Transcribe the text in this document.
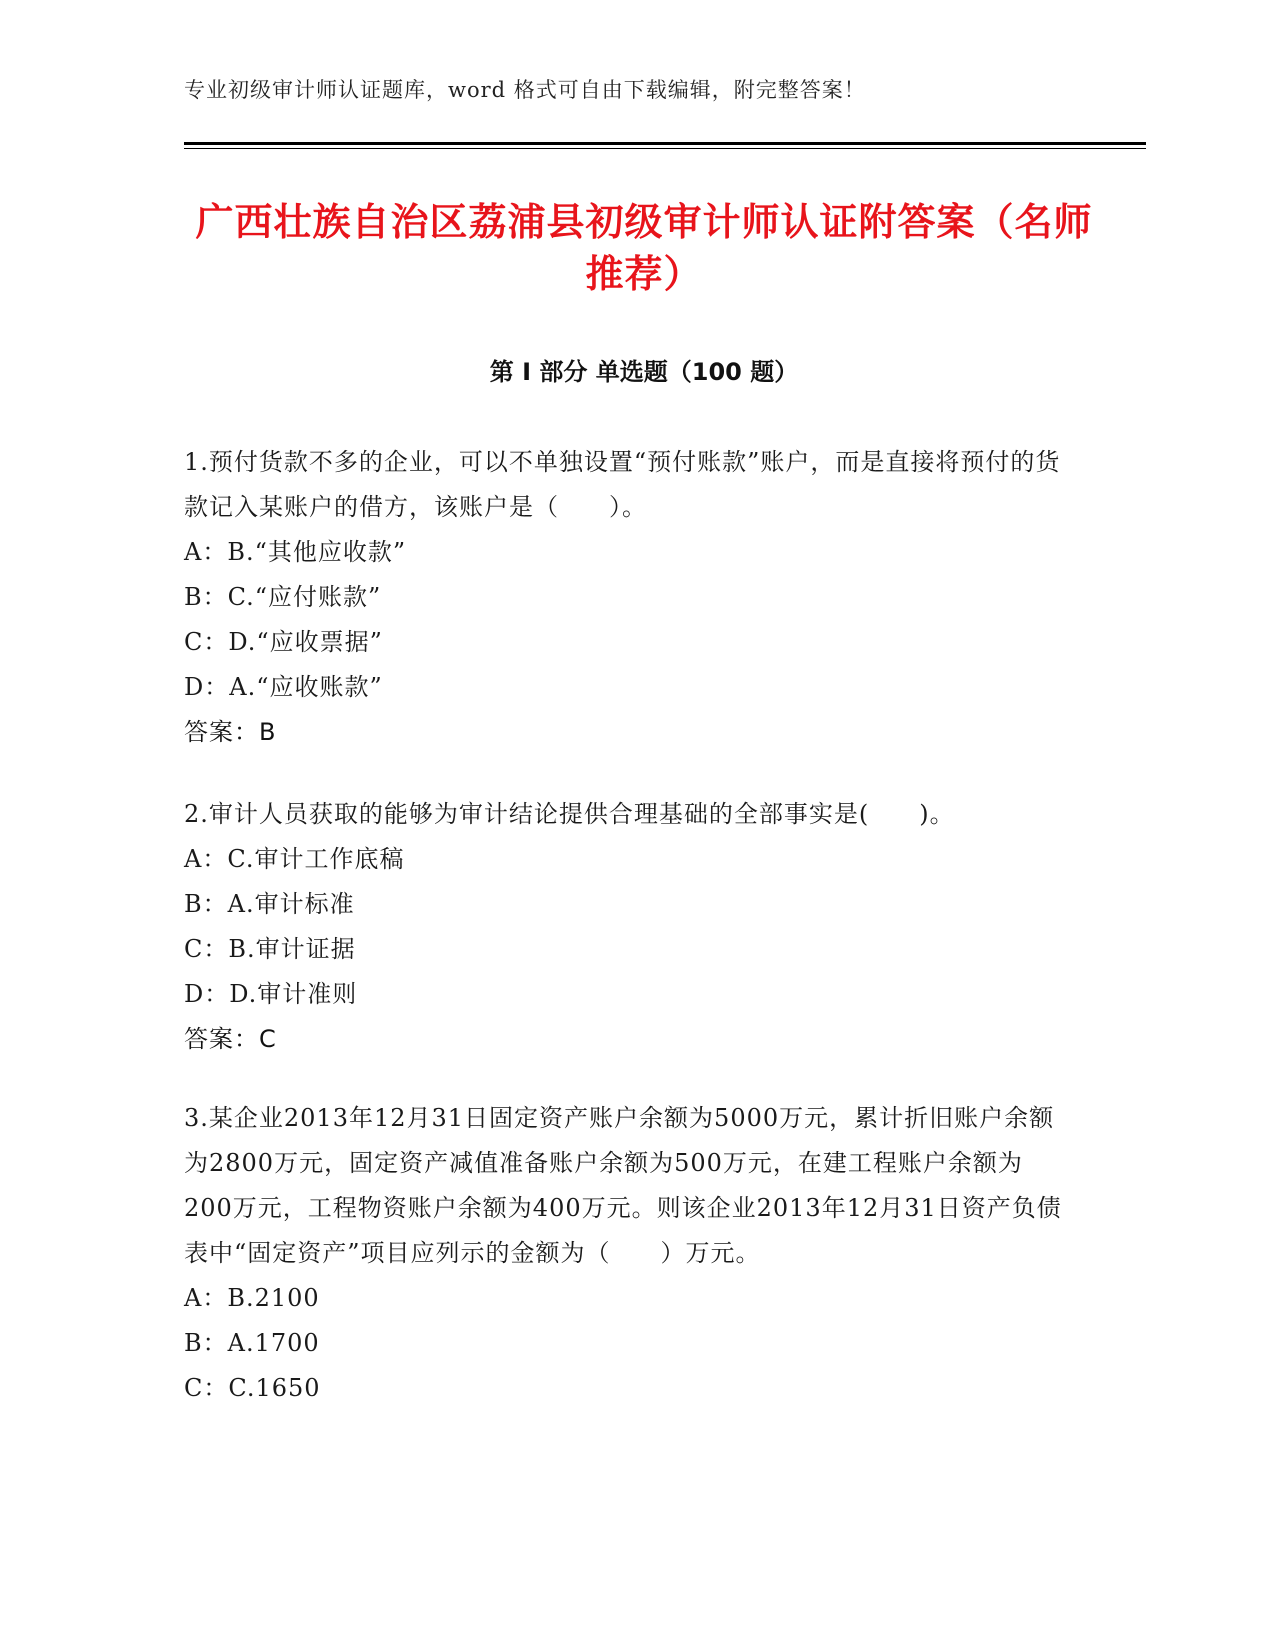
专业初级审计师认证题库，word 格式可自由下载编辑，附完整答案！
广西壮族自治区荔浦县初级审计师认证附答案（名师推荐）
第 I 部分 单选题（100 题）

1.预付货款不多的企业，可以不单独设置“预付账款”账户，而是直接将预付的货款记入某账户的借方，该账户是（　　）。

A：B.“其他应收款”

B：C.“应付账款”

C：D.“应收票据”

D：A.“应收账款”

答案：B

2.审计人员获取的能够为审计结论提供合理基础的全部事实是(　　)。

A：C.审计工作底稿

B：A.审计标准

C：B.审计证据

D：D.审计准则

答案：C

3.某企业2013年12月31日固定资产账户余额为5000万元，累计折旧账户余额为2800万元，固定资产减值准备账户余额为500万元，在建工程账户余额为200万元，工程物资账户余额为400万元。则该企业2013年12月31日资产负债表中“固定资产”项目应列示的金额为（　　）万元。

A：B.2100

B：A.1700

C：C.1650
